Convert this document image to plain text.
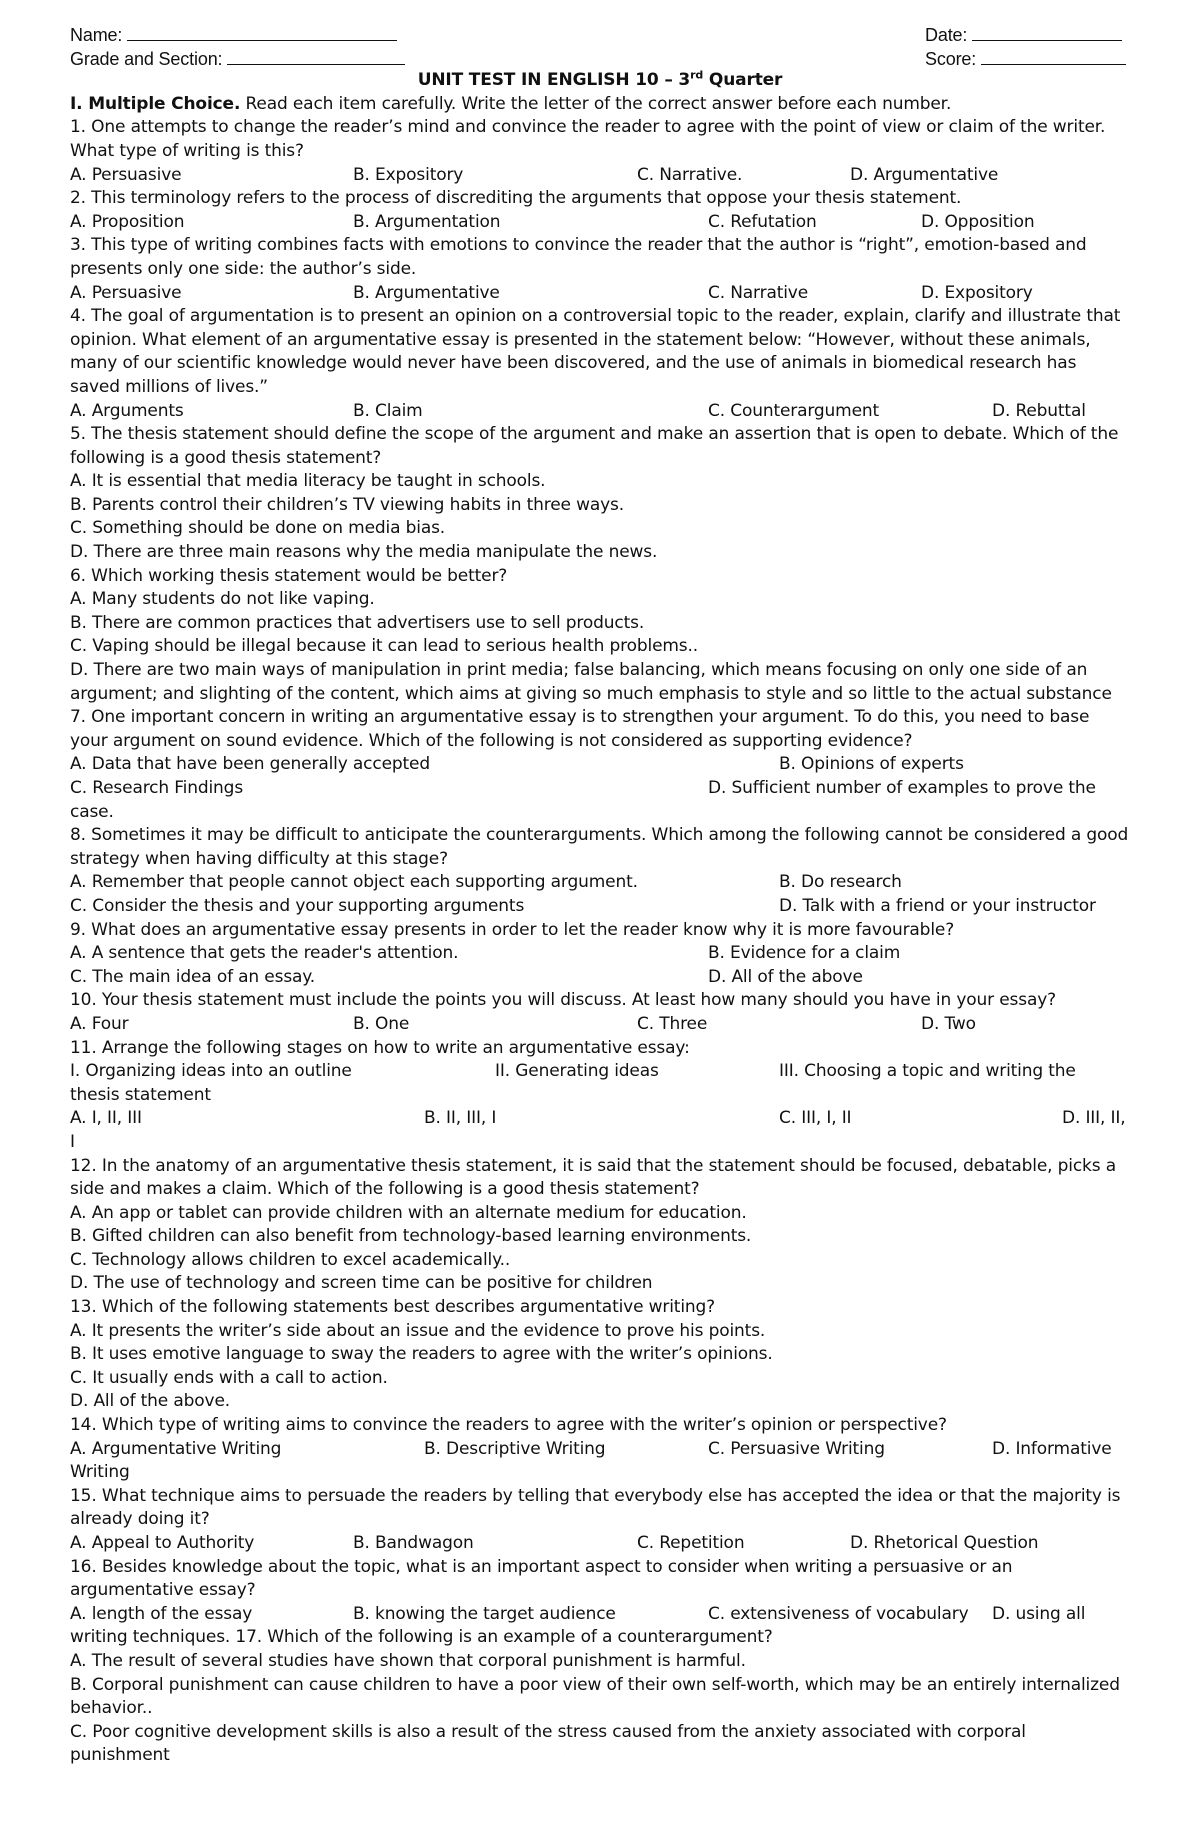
Name:	Date:
Grade and Section:	Score:
UNIT TEST IN ENGLISH 10 – 3rd Quarter
I. Multiple Choice. Read each item carefully. Write the letter of the correct answer before each number.
1. One attempts to change the reader’s mind and convince the reader to agree with the point of view or claim of the writer. What type of writing is this?
A. Persuasive	B. Expository	C. Narrative.	D. Argumentative
2. This terminology refers to the process of discrediting the arguments that oppose your thesis statement.
A. Proposition	B. Argumentation	C. Refutation	D. Opposition
3. This type of writing combines facts with emotions to convince the reader that the author is “right”, emotion-based and presents only one side: the author’s side.
A. Persuasive	B. Argumentative	C. Narrative	D. Expository
4. The goal of argumentation is to present an opinion on a controversial topic to the reader, explain, clarify and illustrate that opinion. What element of an argumentative essay is presented in the statement below: “However, without these animals, many of our scientific knowledge would never have been discovered, and the use of animals in biomedical research has saved millions of lives.”
A. Arguments	B. Claim	C. Counterargument	D. Rebuttal
5. The thesis statement should define the scope of the argument and make an assertion that is open to debate. Which of the following is a good thesis statement?
A. It is essential that media literacy be taught in schools.
B. Parents control their children’s TV viewing habits in three ways.
C. Something should be done on media bias.
D. There are three main reasons why the media manipulate the news.
6. Which working thesis statement would be better?
A. Many students do not like vaping.
B. There are common practices that advertisers use to sell products.
C. Vaping should be illegal because it can lead to serious health problems..
D. There are two main ways of manipulation in print media; false balancing, which means focusing on only one side of an argument; and slighting of the content, which aims at giving so much emphasis to style and so little to the actual substance
7. One important concern in writing an argumentative essay is to strengthen your argument. To do this, you need to base your argument on sound evidence. Which of the following is not considered as supporting evidence?
A. Data that have been generally accepted	B. Opinions of experts
C. Research Findings	D. Sufficient number of examples to prove the
case.
8. Sometimes it may be difficult to anticipate the counterarguments. Which among the following cannot be considered a good strategy when having difficulty at this stage?
A. Remember that people cannot object each supporting argument.	B. Do research
C. Consider the thesis and your supporting arguments	D. Talk with a friend or your instructor
9. What does an argumentative essay presents in order to let the reader know why it is more favourable?
A. A sentence that gets the reader's attention.	B. Evidence for a claim
C. The main idea of an essay.	D. All of the above
10. Your thesis statement must include the points you will discuss. At least how many should you have in your essay?
A. Four	B. One	C. Three	D. Two
11. Arrange the following stages on how to write an argumentative essay:
I. Organizing ideas into an outline	II. Generating ideas	III. Choosing a topic and writing the
thesis statement
A. I, II, III	B. II, III, I	C. III, I, II	D. III, II,
I
12. In the anatomy of an argumentative thesis statement, it is said that the statement should be focused, debatable, picks a side and makes a claim. Which of the following is a good thesis statement?
A. An app or tablet can provide children with an alternate medium for education.
B. Gifted children can also benefit from technology-based learning environments.
C. Technology allows children to excel academically..
D. The use of technology and screen time can be positive for children
13. Which of the following statements best describes argumentative writing?
A. It presents the writer’s side about an issue and the evidence to prove his points.
B. It uses emotive language to sway the readers to agree with the writer’s opinions.
C. It usually ends with a call to action.
D. All of the above.
14. Which type of writing aims to convince the readers to agree with the writer’s opinion or perspective?
A. Argumentative Writing	B. Descriptive Writing	C. Persuasive Writing	D. Informative
Writing
15. What technique aims to persuade the readers by telling that everybody else has accepted the idea or that the majority is already doing it?
A. Appeal to Authority	B. Bandwagon	C. Repetition	D. Rhetorical Question
16. Besides knowledge about the topic, what is an important aspect to consider when writing a persuasive or an argumentative essay?
A. length of the essay	B. knowing the target audience	C. extensiveness of vocabulary D. using all
writing techniques. 17. Which of the following is an example of a counterargument?
A. The result of several studies have shown that corporal punishment is harmful.
B. Corporal punishment can cause children to have a poor view of their own self-worth, which may be an entirely internalized behavior..
C. Poor cognitive development skills is also a result of the stress caused from the anxiety associated with corporal punishment
